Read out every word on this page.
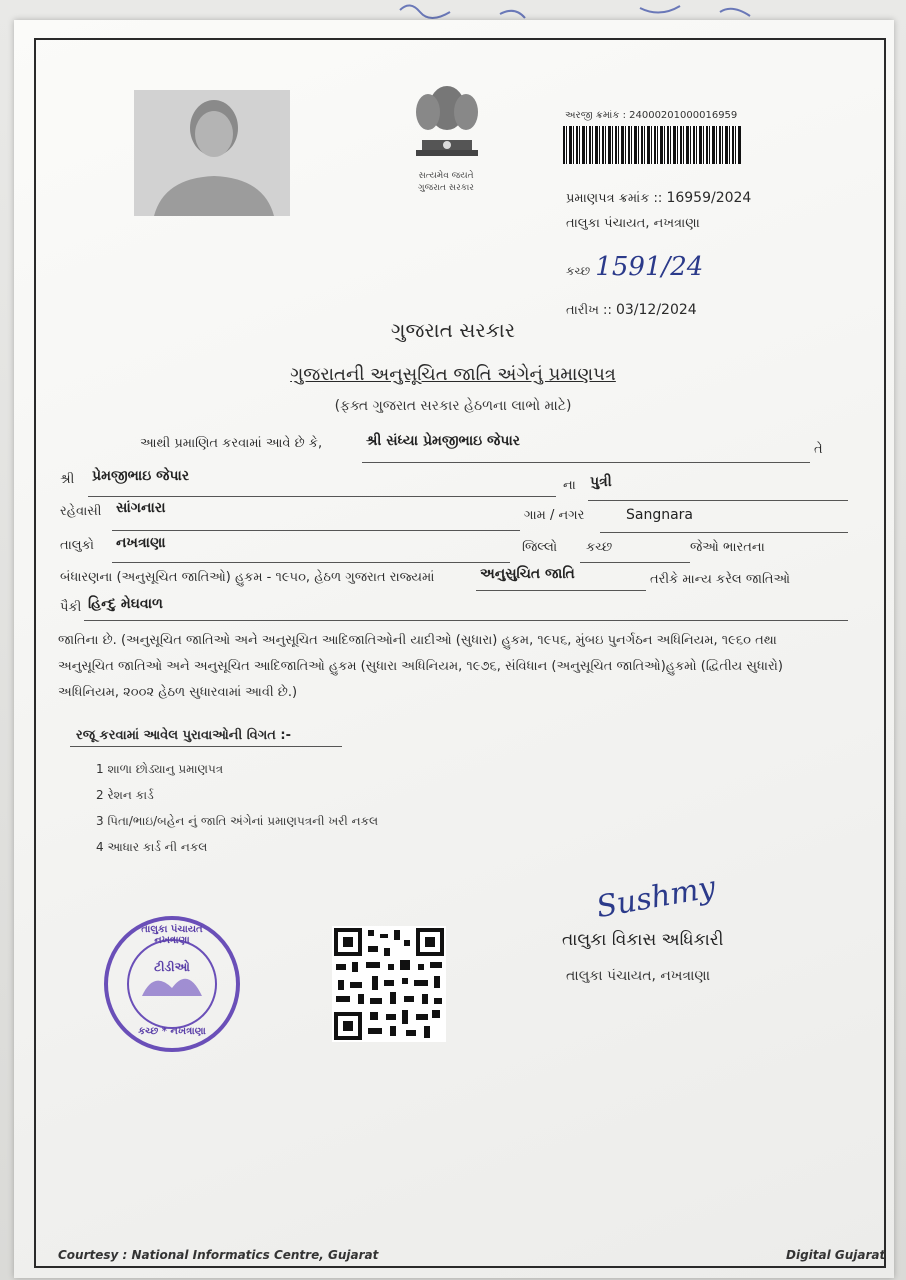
સત્યમેવ જયતે
ગુજરાત સરકાર
અરજી ક્રમાંક : 24000201000016959
પ્રમાણપત્ર ક્રમાંક :: 16959/2024
તાલુકા પંચાયત, નખત્રાણા
કચ્છ 1591/24
તારીખ :: 03/12/2024
ગુજરાત સરકાર
ગુજરાતની અનુસૂચિત જાતિ અંગેનું પ્રમાણપત્ર
(ફક્ત ગુજરાત સરકાર હેઠળના લાભો માટે)
આથી પ્રમાણિત કરવામાં આવે છે કે,	શ્રી સંધ્યા પ્રેમજીભાઇ જેપાર
તે
શ્રી પ્રેમજીભાઇ જેપાર
ના પુત્રી
રહેવાસી સાંગનારા	ગામ / નગર	Sangnara
તાલુકો નખત્રાણા	જિલ્લો કચ્છ	જેઓ ભારતના
બંધારણના (અનુસૂચિત જાતિઓ) હુકમ - ૧૯૫૦, હેઠળ ગુજરાત રાજ્યમાં	અનુસુચિત જાતિ	તરીકે માન્ય કરેલ જાતિઓ
પૈકી હિન્દુ મેઘવાળ
જાતિના છે. (અનુસૂચિત જાતિઓ અને અનુસૂચિત આદિજાતિઓની યાદીઓ (સુધારા) હુકમ, ૧૯૫૬, મુંબઇ પુનર્ગઠન અધિનિયમ, ૧૯૬૦ તથા
અનુસૂચિત જાતિઓ અને અનુસૂચિત આદિજાતિઓ હુકમ (સુધારા અધિનિયમ, ૧૯૭૬, સંવિધાન (અનુસૂચિત જાતિઓ)હુકમો (દ્વિતીય સુધારો)
અધિનિયમ, ૨૦૦૨ હેઠળ સુધારવામાં આવી છે.)
રજૂ કરવામાં આવેલ પુરાવાઓની વિગત :-
1 શાળા છોડ્યાનુ પ્રમાણપત્ર
2 રેશન કાર્ડ
3 પિતા/ભાઇ/બહેન નું જાતિ અંગેનાં પ્રમાણપત્રની ખરી નકલ
4 આધાર કાર્ડ ની નકલ
Sushmy
તાલુકા વિકાસ અધિકારી
તાલુકા પંચાયત, નખત્રાણા
તાલુકા પંચાયત નખત્રાણા
ટીડીઓ
કચ્છ * નખત્રાણા
Courtesy : National Informatics Centre, Gujarat	Digital Gujarat
